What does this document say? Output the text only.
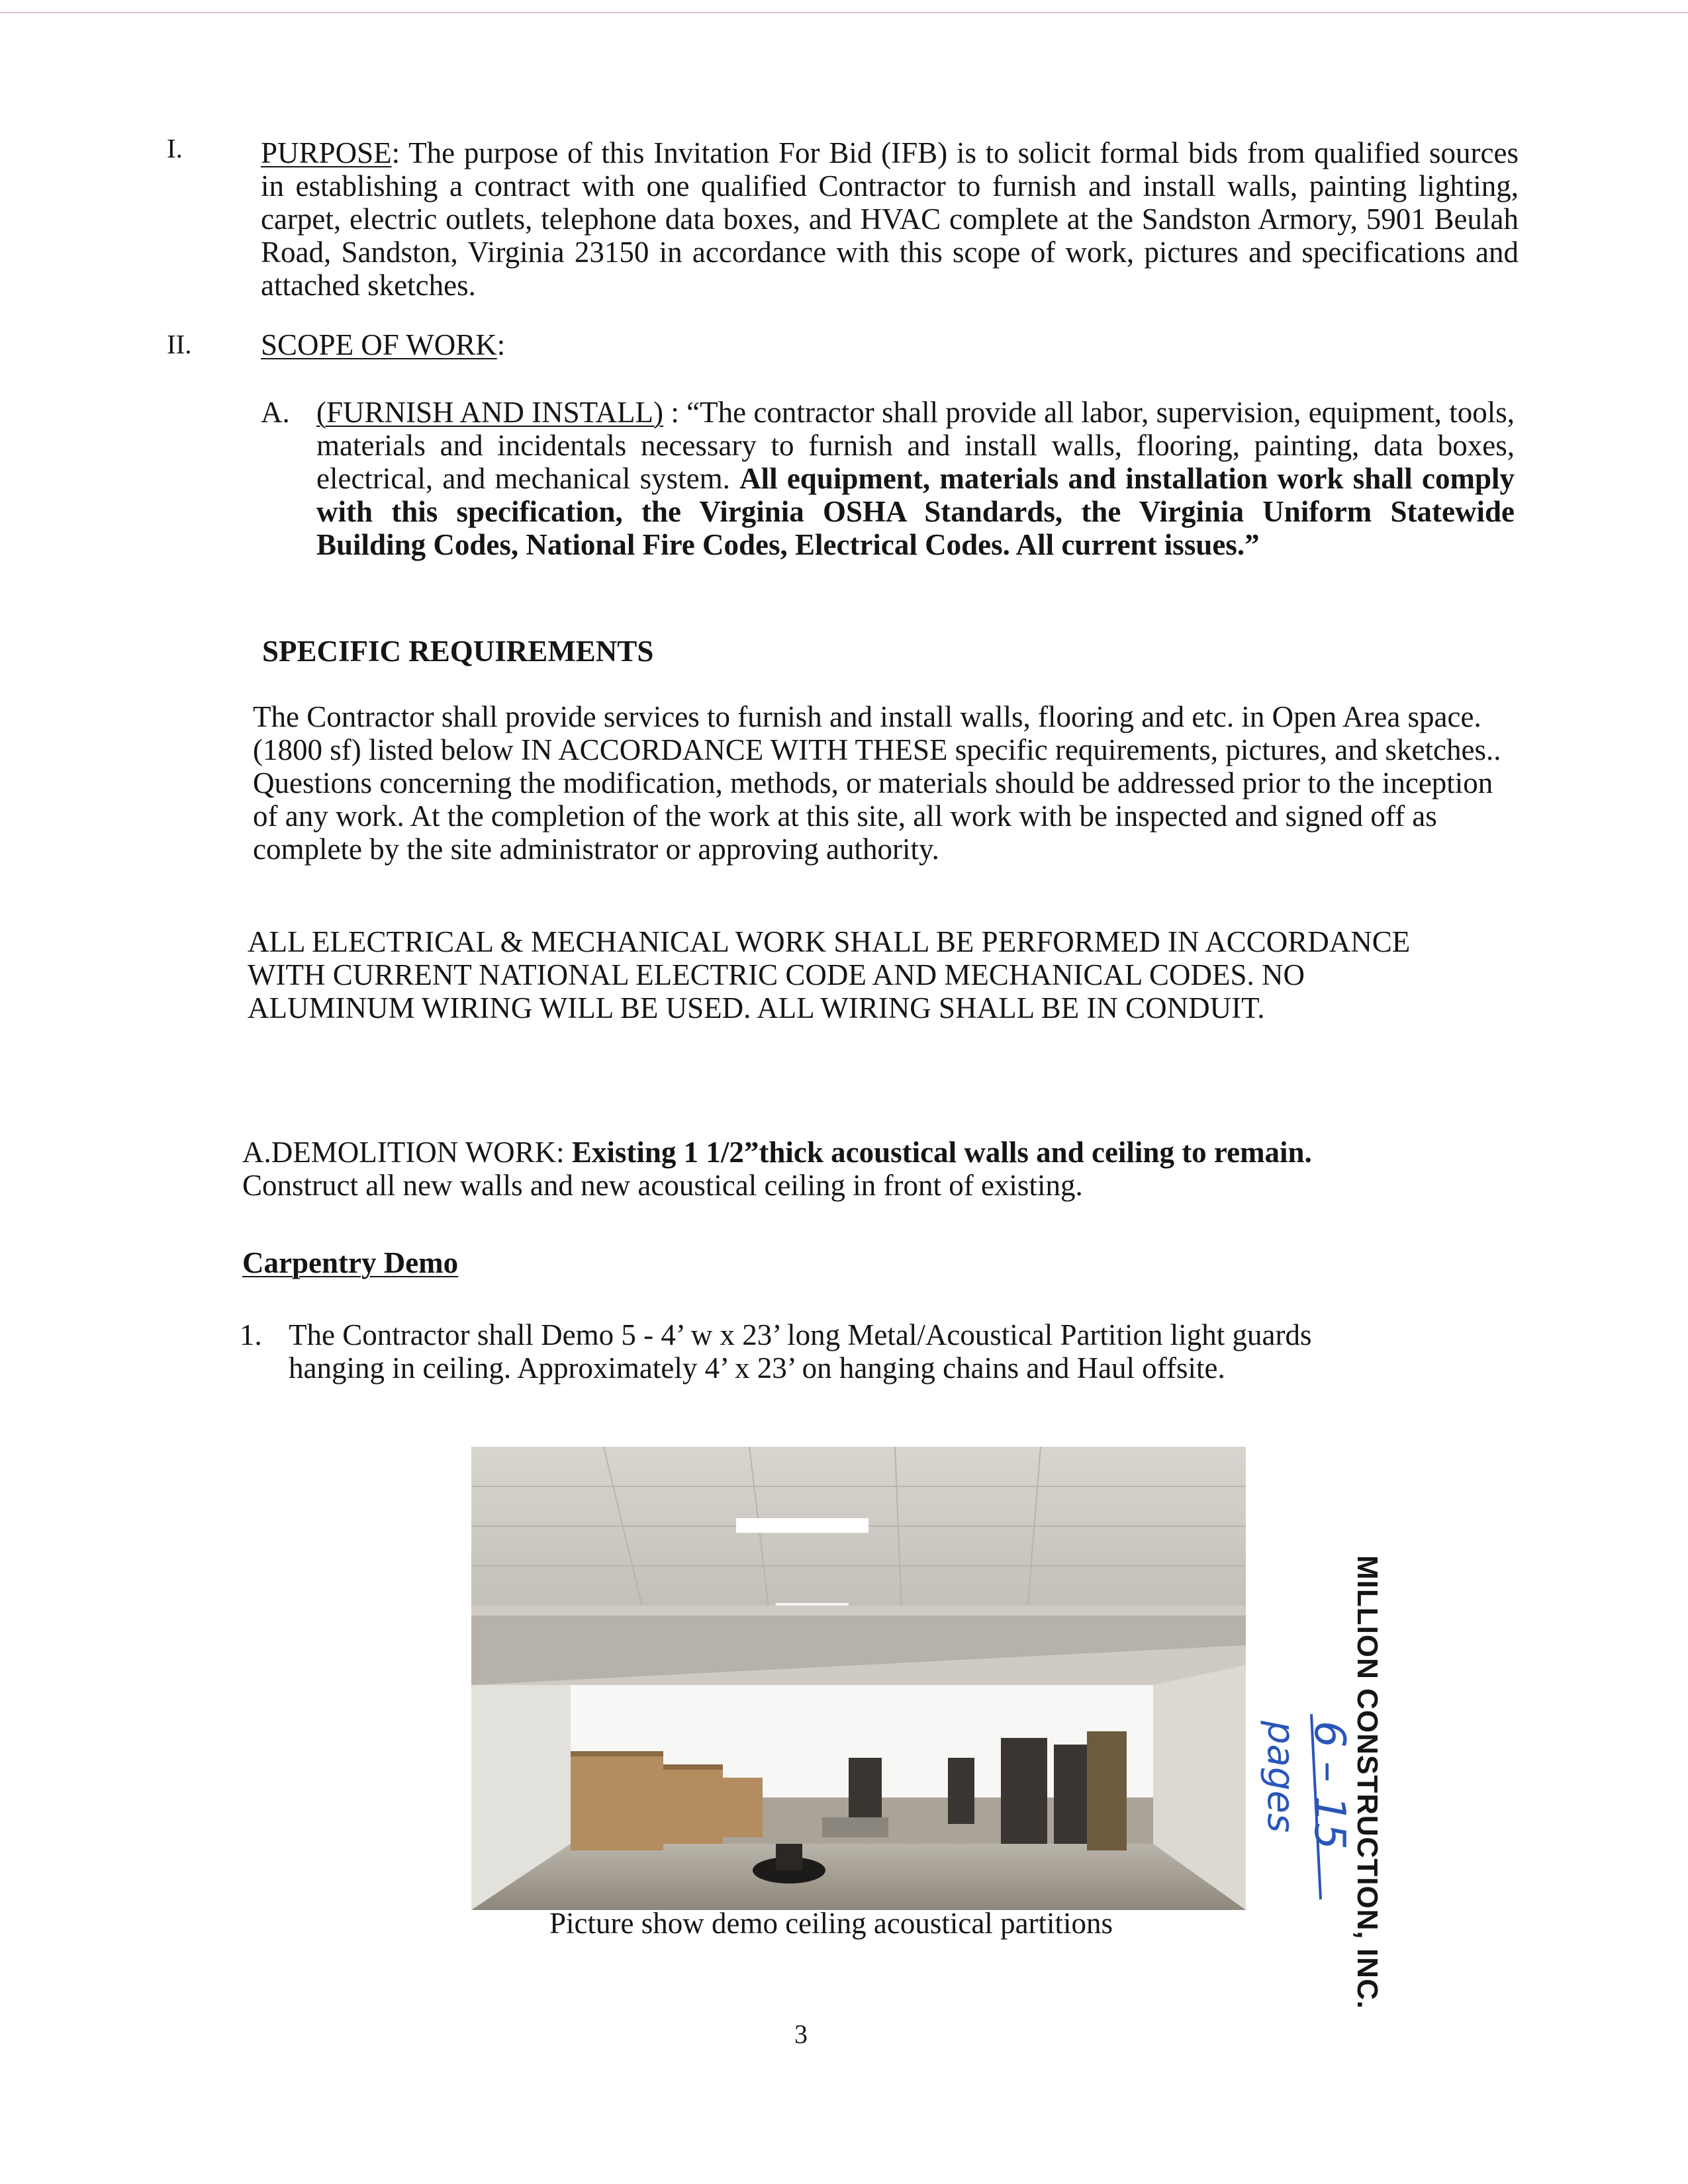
I.	PURPOSE: The purpose of this Invitation For Bid (IFB) is to solicit formal bids from qualified sources in establishing a contract with one qualified Contractor to furnish and install walls, painting lighting, carpet, electric outlets, telephone data boxes, and HVAC complete at the Sandston Armory, 5901 Beulah Road, Sandston, Virginia 23150 in accordance with this scope of work, pictures and specifications and attached sketches.
II. SCOPE OF WORK:
A. (FURNISH AND INSTALL) : “The contractor shall provide all labor, supervision, equipment, tools, materials and incidentals necessary to furnish and install walls, flooring, painting, data boxes, electrical, and mechanical system. All equipment, materials and installation work shall comply with this specification, the Virginia OSHA Standards, the Virginia Uniform Statewide Building Codes, National Fire Codes, Electrical Codes. All current issues.”
SPECIFIC REQUIREMENTS
The Contractor shall provide services to furnish and install walls, flooring and etc. in Open Area space.(1800 sf) listed below IN ACCORDANCE WITH THESE specific requirements, pictures, and sketches.. Questions concerning the modification, methods, or materials should be addressed prior to the inception of any work. At the completion of the work at this site, all work with be inspected and signed off as complete by the site administrator or approving authority.
ALL ELECTRICAL & MECHANICAL WORK SHALL BE PERFORMED IN ACCORDANCE WITH CURRENT NATIONAL ELECTRIC CODE AND MECHANICAL CODES. NO ALUMINUM WIRING WILL BE USED. ALL WIRING SHALL BE IN CONDUIT.
A.DEMOLITION WORK: Existing 1 1/2”thick acoustical walls and ceiling to remain.
Construct all new walls and new acoustical ceiling in front of existing.
Carpentry Demo
1. The Contractor shall Demo 5 - 4’ w x 23’ long Metal/Acoustical Partition light guards hanging in ceiling. Approximately 4’ x 23’ on hanging chains and Haul offsite.
Picture show demo ceiling acoustical partitions	MILLION CONSTRUCTION, INC.
6 – 15
pages
3
